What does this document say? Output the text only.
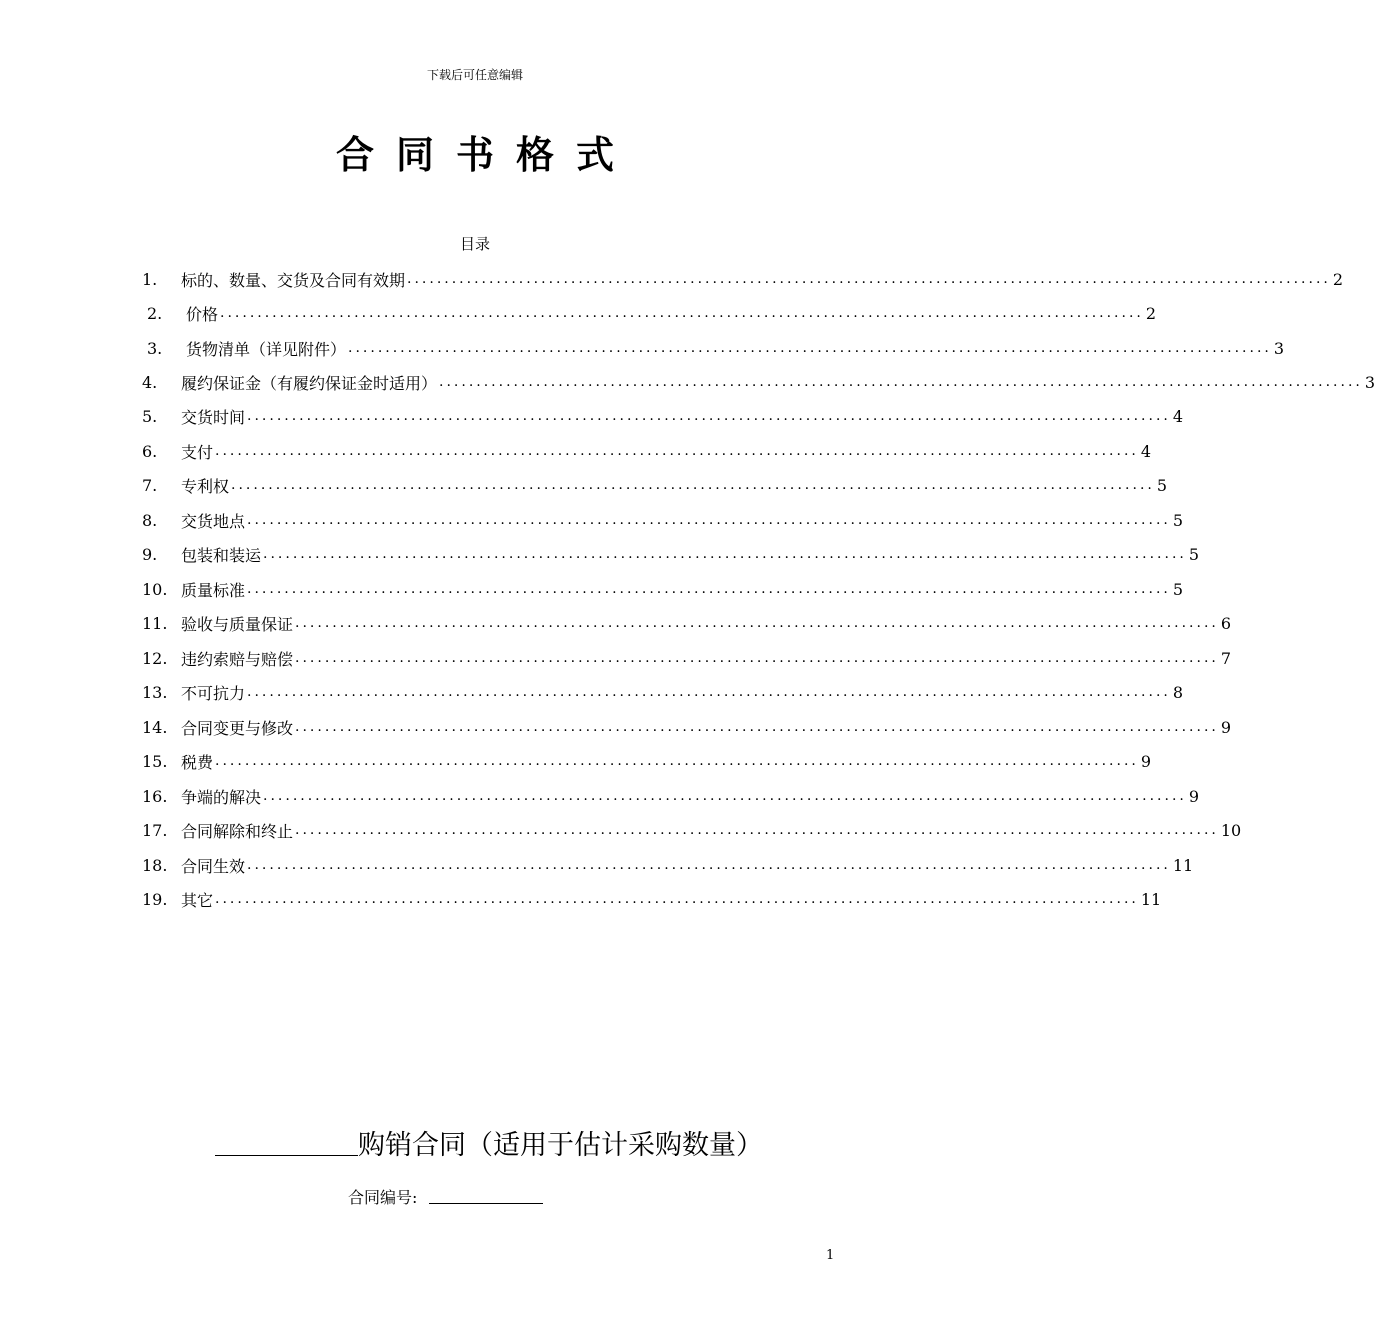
下载后可任意编辑
合同书格式
目录
1.	标的、数量、交货及合同有效期 ............................................................................................................................ 2
2.	价格 ............................................................................................................................ 2
3.	货物清单（详见附件） ............................................................................................................................ 3
4.	履约保证金（有履约保证金时适用） ............................................................................................................................ 3
5.	交货时间 ............................................................................................................................ 4
6.	支付 ............................................................................................................................ 4
7.	专利权 ............................................................................................................................ 5
8.	交货地点 ............................................................................................................................ 5
9.	包装和装运 ............................................................................................................................ 5
10. 质量标准 ............................................................................................................................ 5
11. 验收与质量保证 ............................................................................................................................ 6
12. 违约索赔与赔偿 ............................................................................................................................ 7
13. 不可抗力 ............................................................................................................................ 8
14. 合同变更与修改 ............................................................................................................................ 9
15. 税费 ............................................................................................................................ 9
16. 争端的解决 ............................................................................................................................ 9
17. 合同解除和终止 ............................................................................................................................ 10
18. 合同生效 ............................................................................................................................ 11
19. 其它 ............................................................................................................................ 11
购销合同（适用于估计采购数量）
合同编号:
1
